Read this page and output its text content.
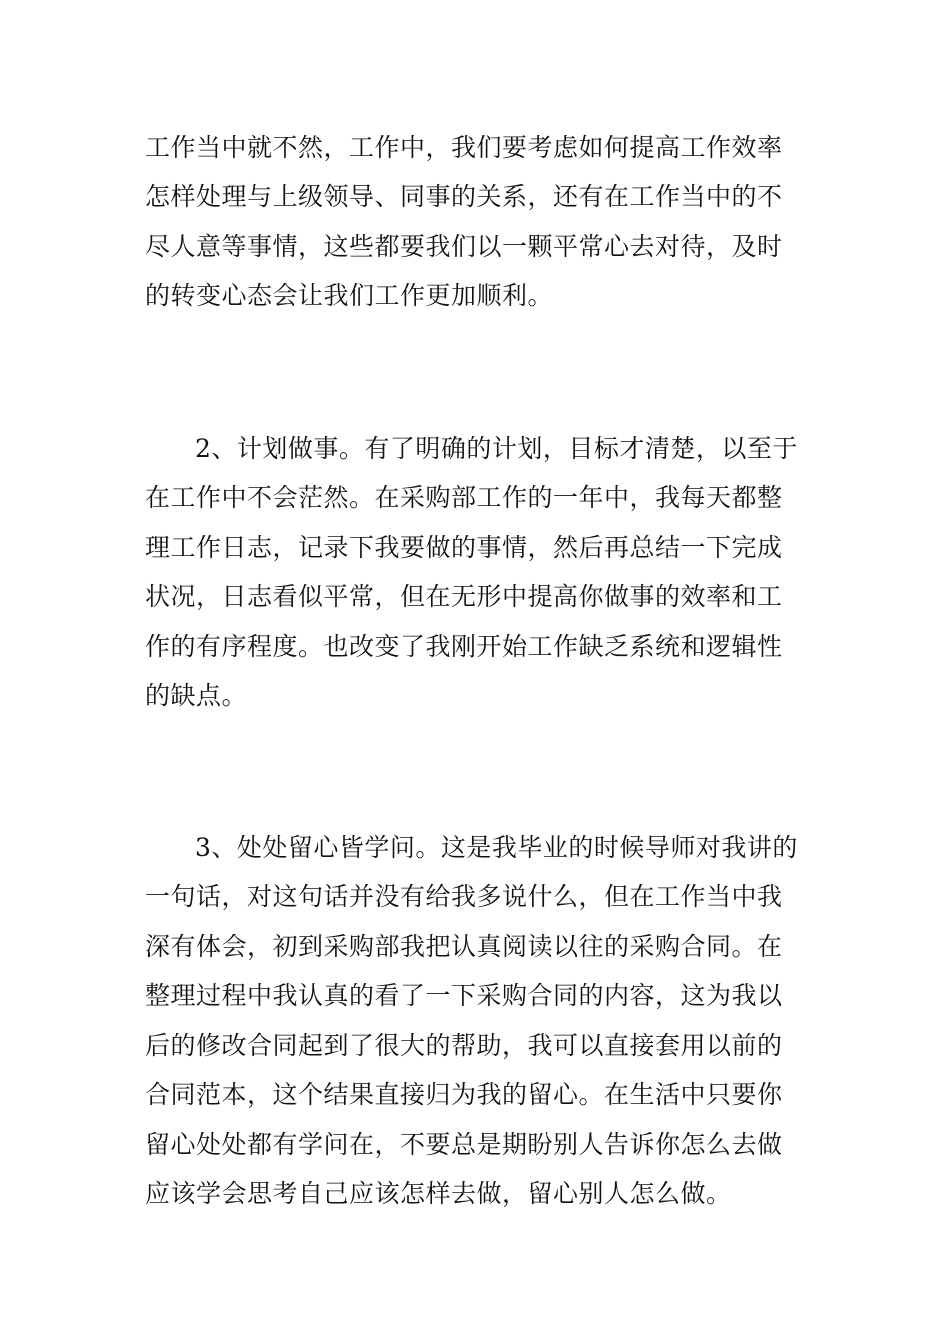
工作当中就不然，工作中，我们要考虑如何提高工作效率
怎样处理与上级领导、同事的关系，还有在工作当中的不
尽人意等事情，这些都要我们以一颗平常心去对待，及时
的转变心态会让我们工作更加顺利。
2、计划做事。有了明确的计划，目标才清楚，以至于
在工作中不会茫然。在采购部工作的一年中，我每天都整
理工作日志，记录下我要做的事情，然后再总结一下完成
状况，日志看似平常，但在无形中提高你做事的效率和工
作的有序程度。也改变了我刚开始工作缺乏系统和逻辑性
的缺点。
3、处处留心皆学问。这是我毕业的时候导师对我讲的
一句话，对这句话并没有给我多说什么，但在工作当中我
深有体会，初到采购部我把认真阅读以往的采购合同。在
整理过程中我认真的看了一下采购合同的内容，这为我以
后的修改合同起到了很大的帮助，我可以直接套用以前的
合同范本，这个结果直接归为我的留心。在生活中只要你
留心处处都有学问在，不要总是期盼别人告诉你怎么去做
应该学会思考自己应该怎样去做，留心别人怎么做。
